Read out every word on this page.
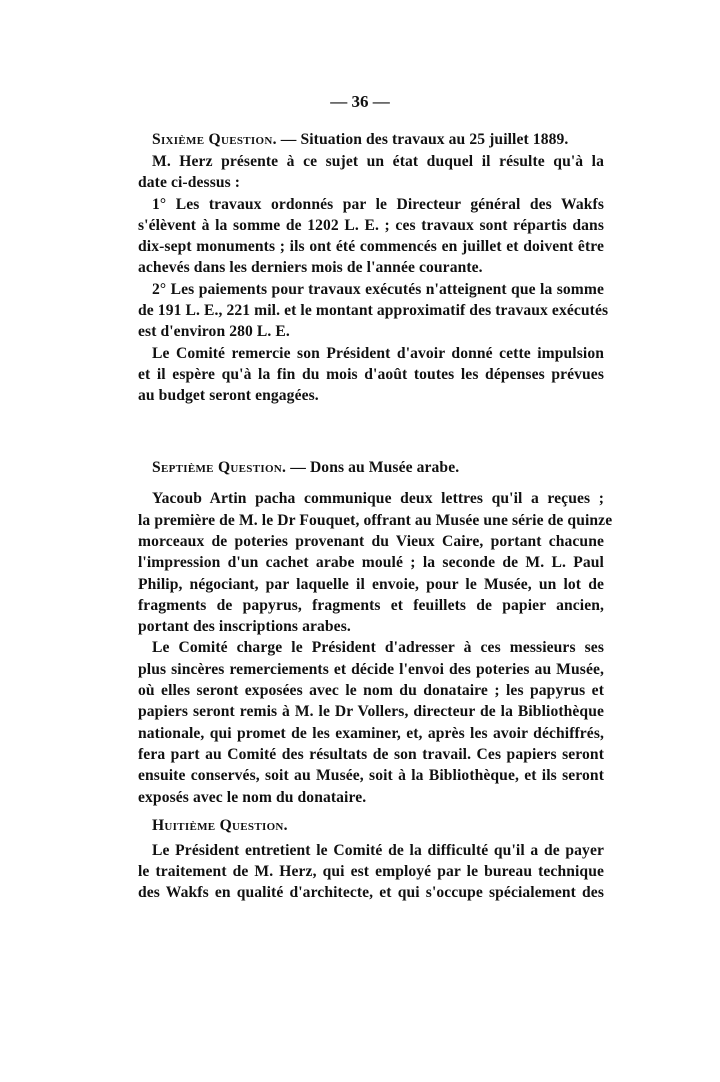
— 36 —
Sixième Question. — Situation des travaux au 25 juillet 1889.
M. Herz présente à ce sujet un état duquel il résulte qu'à la
date ci-dessus :
1° Les travaux ordonnés par le Directeur général des Wakfs
s'élèvent à la somme de 1202 L. E. ; ces travaux sont répartis dans
dix-sept monuments ; ils ont été commencés en juillet et doivent être
achevés dans les derniers mois de l'année courante.
2° Les paiements pour travaux exécutés n'atteignent que la somme
de 191 L. E., 221 mil. et le montant approximatif des travaux exécutés
est d'environ 280 L. E.
Le Comité remercie son Président d'avoir donné cette impulsion
et il espère qu'à la fin du mois d'août toutes les dépenses prévues
au budget seront engagées.
Septième Question. — Dons au Musée arabe.
Yacoub Artin pacha communique deux lettres qu'il a reçues ;
la première de M. le Dr Fouquet, offrant au Musée une série de quinze
morceaux de poteries provenant du Vieux Caire, portant chacune
l'impression d'un cachet arabe moulé ; la seconde de M. L. Paul
Philip, négociant, par laquelle il envoie, pour le Musée, un lot de
fragments de papyrus, fragments et feuillets de papier ancien,
portant des inscriptions arabes.
Le Comité charge le Président d'adresser à ces messieurs ses
plus sincères remerciements et décide l'envoi des poteries au Musée,
où elles seront exposées avec le nom du donataire ; les papyrus et
papiers seront remis à M. le Dr Vollers, directeur de la Bibliothèque
nationale, qui promet de les examiner, et, après les avoir déchiffrés,
fera part au Comité des résultats de son travail. Ces papiers seront
ensuite conservés, soit au Musée, soit à la Bibliothèque, et ils seront
exposés avec le nom du donataire.
Huitième Question.
Le Président entretient le Comité de la difficulté qu'il a de payer
le traitement de M. Herz, qui est employé par le bureau technique
des Wakfs en qualité d'architecte, et qui s'occupe spécialement des
